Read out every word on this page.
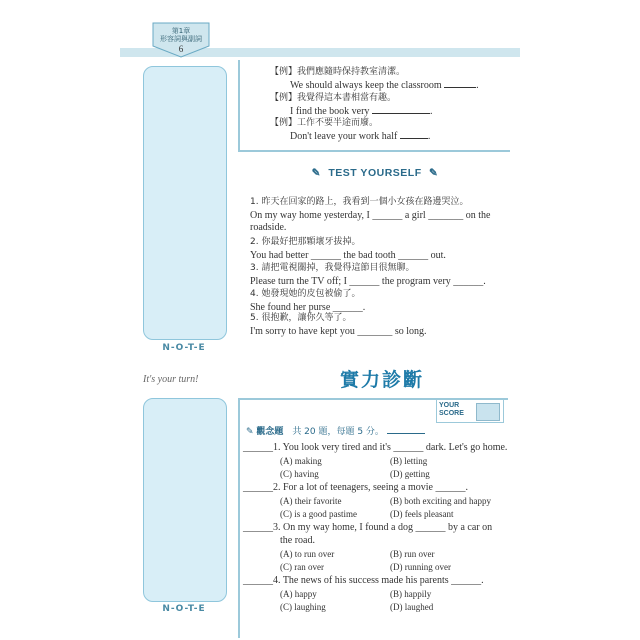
第1章
形容詞與副詞
6
N-O-T-E
N-O-T-E
【例】我們應隨時保持教室清潔。
We should always keep the classroom	.
【例】我覺得這本書相當有趣。
I find the book very	.
【例】工作不要半途而廢。
Don't leave your work half	.
✎ TEST YOURSELF ✎
1. 昨天在回家的路上，我看到一個小女孩在路邊哭泣。
On my way home yesterday, I ______ a girl _______ on the
roadside.
2. 你最好把那顆壞牙拔掉。
You had better ______ the bad tooth ______ out.
3. 請把電視關掉，我覺得這節目很無聊。
Please turn the TV off; I ______ the program very ______.
4. 她發現她的皮包被偷了。
She found her purse ______.
5. 很抱歉，讓你久等了。
I'm sorry to have kept you _______ so long.
It's your turn!	實力診斷
YOUR
SCORE
✎ 觀念題 共 20 題，每題 5 分。
______1. You look very tired and it's ______ dark. Let's go home.
(A) making	(B) letting
(C) having	(D) getting
______2. For a lot of teenagers, seeing a movie ______.
(A) their favorite	(B) both exciting and happy
(C) is a good pastime	(D) feels pleasant
______3. On my way home, I found a dog ______ by a car on
the road.
(A) to run over	(B) run over
(C) ran over	(D) running over
______4. The news of his success made his parents ______.
(A) happy	(B) happily
(C) laughing	(D) laughed
